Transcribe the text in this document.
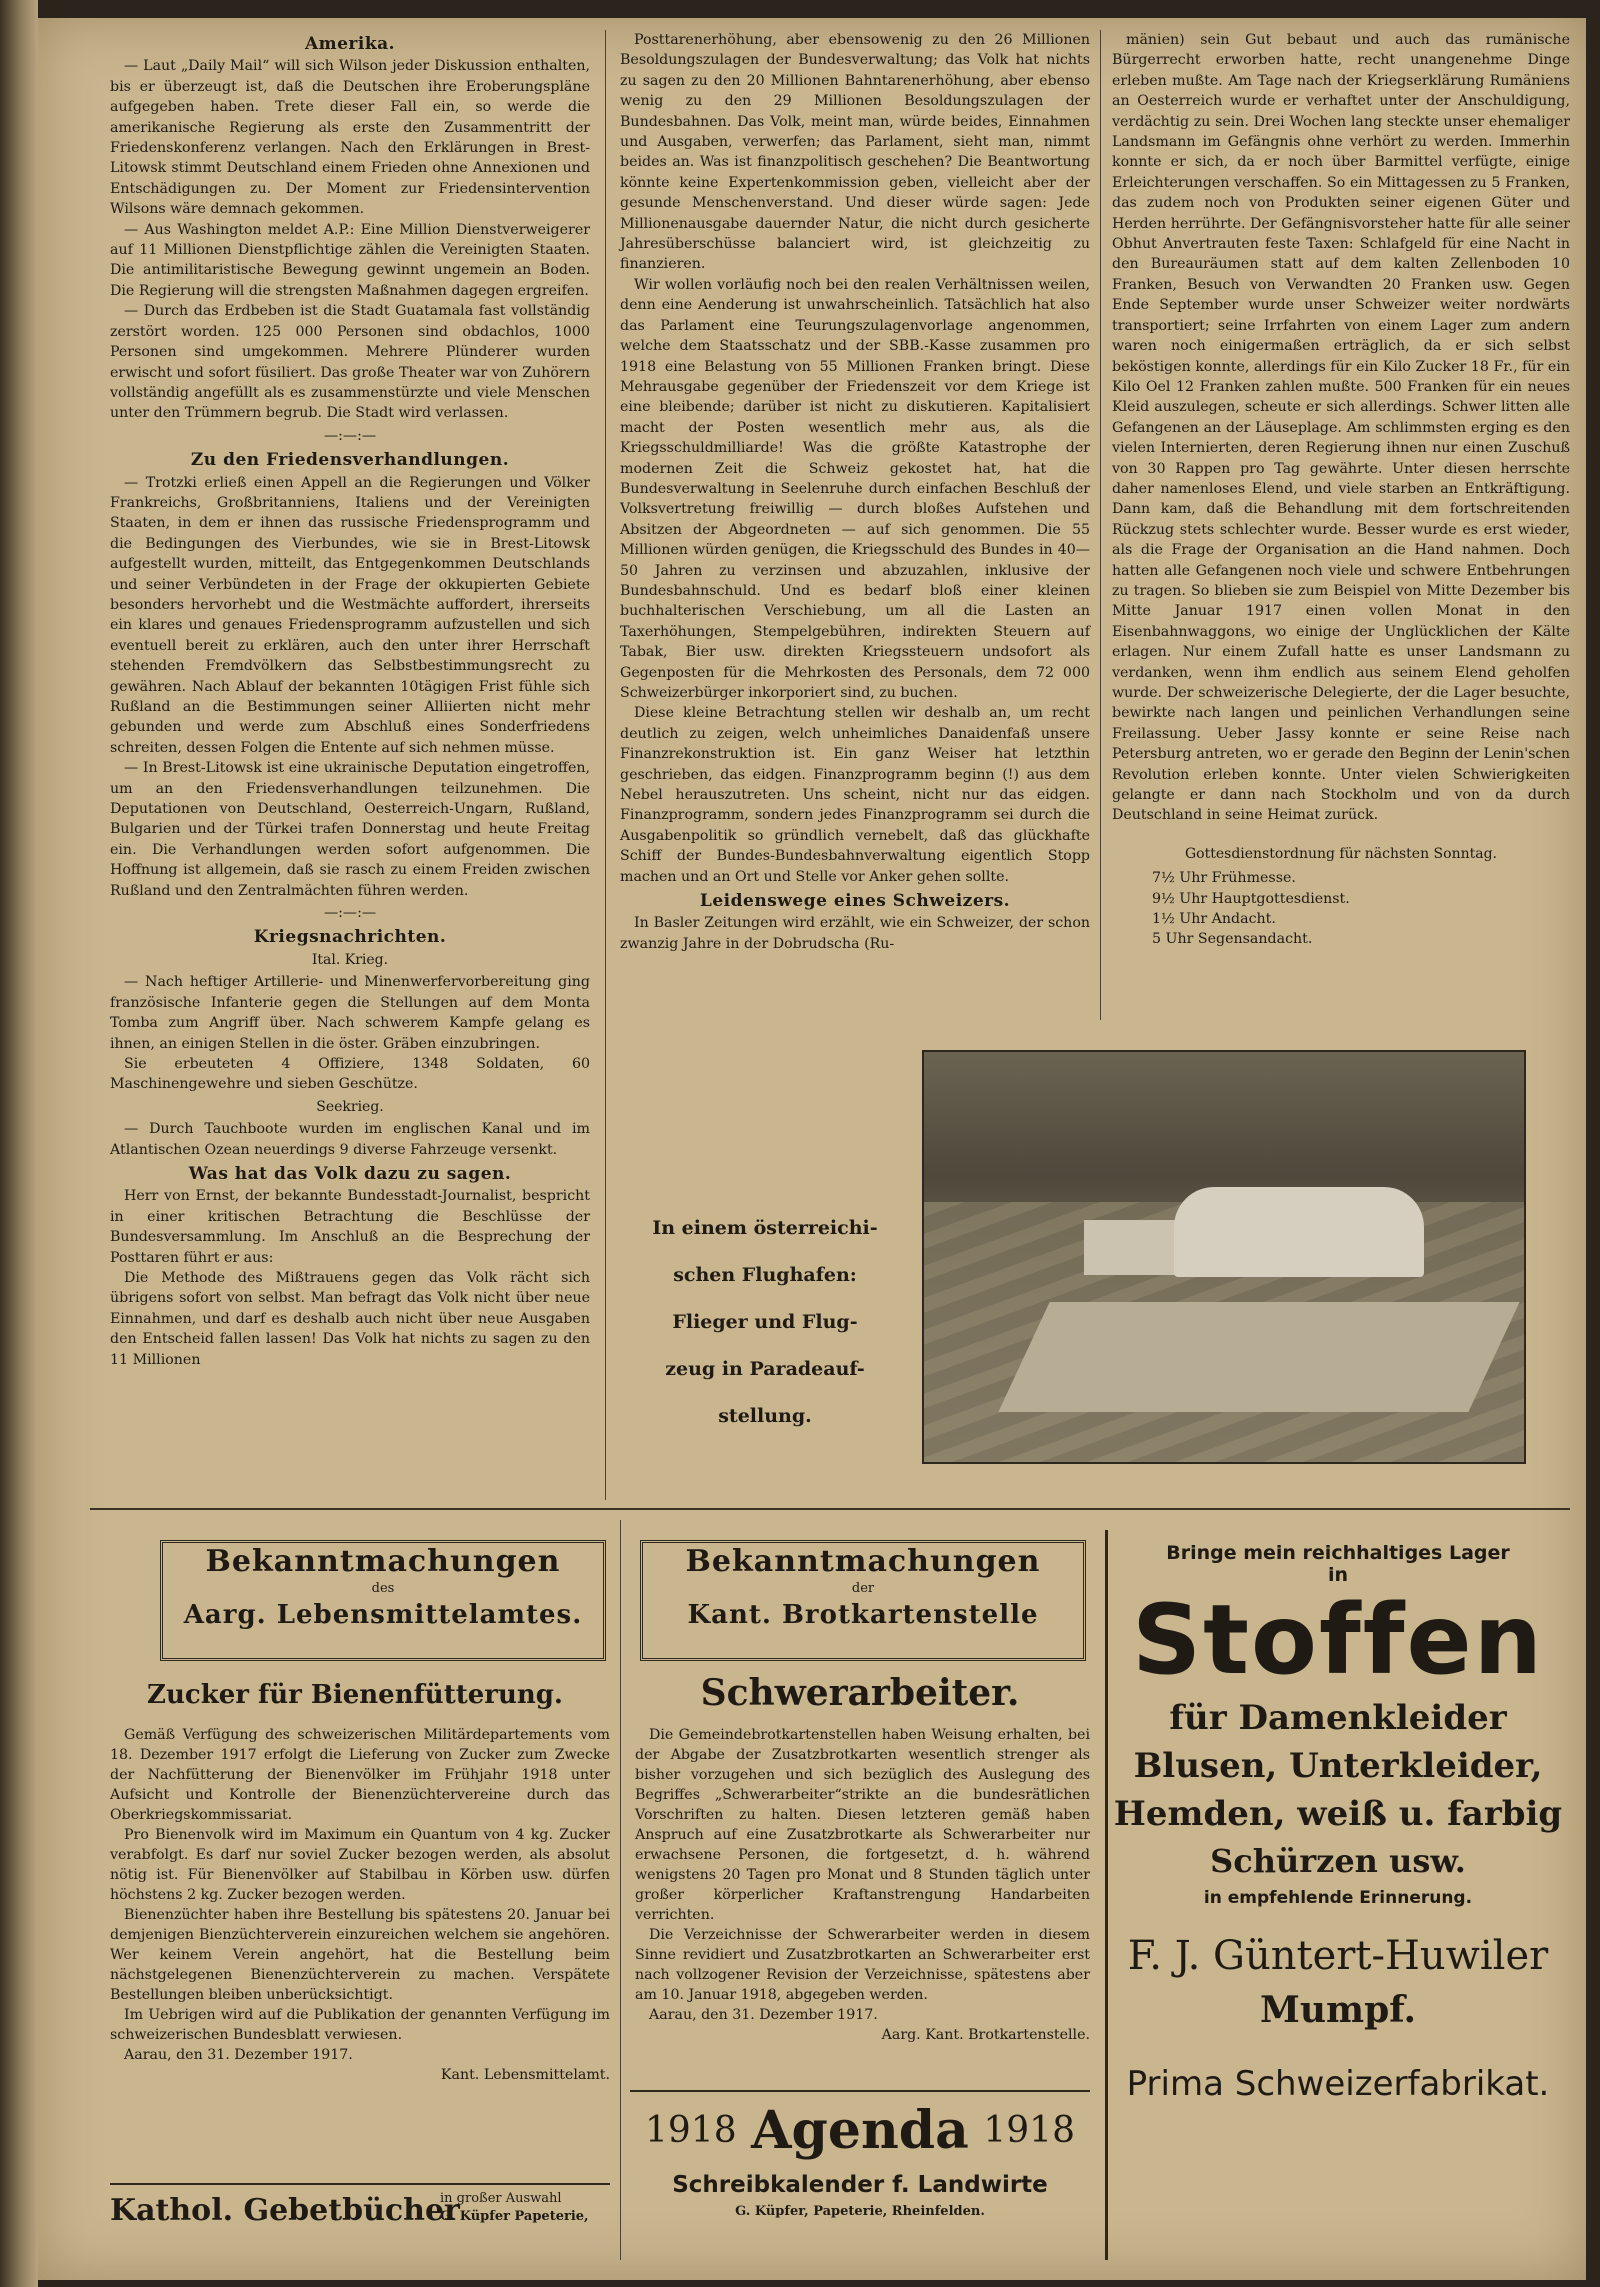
Amerika.

— Laut „Daily Mail“ will sich Wilson jeder Diskussion enthalten, bis er überzeugt ist, daß die Deutschen ihre Eroberungspläne aufgegeben haben. Trete dieser Fall ein, so werde die amerikanische Regierung als erste den Zusammentritt der Friedenskonferenz verlangen. Nach den Erklärungen in Brest-Litowsk stimmt Deutschland einem Frieden ohne Annexionen und Entschädigungen zu. Der Moment zur Friedensintervention Wilsons wäre demnach gekommen.

— Aus Washington meldet A.P.: Eine Million Dienstverweigerer auf 11 Millionen Dienstpflichtige zählen die Vereinigten Staaten. Die antimilitaristische Bewegung gewinnt ungemein an Boden. Die Regierung will die strengsten Maßnahmen dagegen ergreifen.

— Durch das Erdbeben ist die Stadt Guatamala fast vollständig zerstört worden. 125 000 Personen sind obdachlos, 1000 Personen sind umgekommen. Mehrere Plünderer wurden erwischt und sofort füsiliert. Das große Theater war von Zuhörern vollständig angefüllt als es zusammenstürzte und viele Menschen unter den Trümmern begrub. Die Stadt wird verlassen.

—:—:—
Zu den Friedensverhandlungen.

— Trotzki erließ einen Appell an die Regierungen und Völker Frankreichs, Großbritanniens, Italiens und der Vereinigten Staaten, in dem er ihnen das russische Friedensprogramm und die Bedingungen des Vierbundes, wie sie in Brest-Litowsk aufgestellt wurden, mitteilt, das Entgegenkommen Deutschlands und seiner Verbündeten in der Frage der okkupierten Gebiete besonders hervorhebt und die Westmächte auffordert, ihrerseits ein klares und genaues Friedensprogramm aufzustellen und sich eventuell bereit zu erklären, auch den unter ihrer Herrschaft stehenden Fremdvölkern das Selbstbestimmungsrecht zu gewähren. Nach Ablauf der bekannten 10tägigen Frist fühle sich Rußland an die Bestimmungen seiner Alliierten nicht mehr gebunden und werde zum Abschluß eines Sonderfriedens schreiten, dessen Folgen die Entente auf sich nehmen müsse.

— In Brest-Litowsk ist eine ukrainische Deputation eingetroffen, um an den Friedensverhandlungen teilzunehmen. Die Deputationen von Deutschland, Oesterreich-Ungarn, Rußland, Bulgarien und der Türkei trafen Donnerstag und heute Freitag ein. Die Verhandlungen werden sofort aufgenommen. Die Hoffnung ist allgemein, daß sie rasch zu einem Freiden zwischen Rußland und den Zentralmächten führen werden.

—:—:—
Kriegsnachrichten.
Ital. Krieg.

— Nach heftiger Artillerie- und Minenwerfervorbereitung ging französische Infanterie gegen die Stellungen auf dem Monta Tomba zum Angriff über. Nach schwerem Kampfe gelang es ihnen, an einigen Stellen in die öster. Gräben einzubringen.

Sie erbeuteten 4 Offiziere, 1348 Soldaten, 60 Maschinengewehre und sieben Geschütze.

Seekrieg.

— Durch Tauchboote wurden im englischen Kanal und im Atlantischen Ozean neuerdings 9 diverse Fahrzeuge versenkt.

Was hat das Volk dazu zu sagen.

Herr von Ernst, der bekannte Bundesstadt-Journalist, bespricht in einer kritischen Betrachtung die Beschlüsse der Bundesversammlung. Im Anschluß an die Besprechung der Posttaren führt er aus:

Die Methode des Mißtrauens gegen das Volk rächt sich übrigens sofort von selbst. Man befragt das Volk nicht über neue Einnahmen, und darf es deshalb auch nicht über neue Ausgaben den Entscheid fallen lassen! Das Volk hat nichts zu sagen zu den 11 Millionen

Posttarenerhöhung, aber ebensowenig zu den 26 Millionen Besoldungszulagen der Bundesverwaltung; das Volk hat nichts zu sagen zu den 20 Millionen Bahntarenerhöhung, aber ebenso wenig zu den 29 Millionen Besoldungszulagen der Bundesbahnen. Das Volk, meint man, würde beides, Einnahmen und Ausgaben, verwerfen; das Parlament, sieht man, nimmt beides an. Was ist finanzpolitisch geschehen? Die Beantwortung könnte keine Expertenkommission geben, vielleicht aber der gesunde Menschenverstand. Und dieser würde sagen: Jede Millionenausgabe dauernder Natur, die nicht durch gesicherte Jahresüberschüsse balanciert wird, ist gleichzeitig zu finanzieren.

Wir wollen vorläufig noch bei den realen Verhältnissen weilen, denn eine Aenderung ist unwahrscheinlich. Tatsächlich hat also das Parlament eine Teurungszulagenvorlage angenommen, welche dem Staatsschatz und der SBB.-Kasse zusammen pro 1918 eine Belastung von 55 Millionen Franken bringt. Diese Mehrausgabe gegenüber der Friedenszeit vor dem Kriege ist eine bleibende; darüber ist nicht zu diskutieren. Kapitalisiert macht der Posten wesentlich mehr aus, als die Kriegsschuldmilliarde! Was die größte Katastrophe der modernen Zeit die Schweiz gekostet hat, hat die Bundesverwaltung in Seelenruhe durch einfachen Beschluß der Volksvertretung freiwillig — durch bloßes Aufstehen und Absitzen der Abgeordneten — auf sich genommen. Die 55 Millionen würden genügen, die Kriegsschuld des Bundes in 40—50 Jahren zu verzinsen und abzuzahlen, inklusive der Bundesbahnschuld. Und es bedarf bloß einer kleinen buchhalterischen Verschiebung, um all die Lasten an Taxerhöhungen, Stempelgebühren, indirekten Steuern auf Tabak, Bier usw. direkten Kriegssteuern undsofort als Gegenposten für die Mehrkosten des Personals, dem 72 000 Schweizerbürger inkorporiert sind, zu buchen.

Diese kleine Betrachtung stellen wir deshalb an, um recht deutlich zu zeigen, welch unheimliches Danaidenfaß unsere Finanzrekonstruktion ist. Ein ganz Weiser hat letzthin geschrieben, das eidgen. Finanzprogramm beginn (!) aus dem Nebel herauszutreten. Uns scheint, nicht nur das eidgen. Finanzprogramm, sondern jedes Finanzprogramm sei durch die Ausgabenpolitik so gründlich vernebelt, daß das glückhafte Schiff der Bundes-Bundesbahnverwaltung eigentlich Stopp machen und an Ort und Stelle vor Anker gehen sollte.

Leidenswege eines Schweizers.

In Basler Zeitungen wird erzählt, wie ein Schweizer, der schon zwanzig Jahre in der Dobrudscha (Ru-

mänien) sein Gut bebaut und auch das rumänische Bürgerrecht erworben hatte, recht unangenehme Dinge erleben mußte. Am Tage nach der Kriegserklärung Rumäniens an Oesterreich wurde er verhaftet unter der Anschuldigung, verdächtig zu sein. Drei Wochen lang steckte unser ehemaliger Landsmann im Gefängnis ohne verhört zu werden. Immerhin konnte er sich, da er noch über Barmittel verfügte, einige Erleichterungen verschaffen. So ein Mittagessen zu 5 Franken, das zudem noch von Produkten seiner eigenen Güter und Herden herrührte. Der Gefängnisvorsteher hatte für alle seiner Obhut Anvertrauten feste Taxen: Schlafgeld für eine Nacht in den Bureauräumen statt auf dem kalten Zellenboden 10 Franken, Besuch von Verwandten 20 Franken usw. Gegen Ende September wurde unser Schweizer weiter nordwärts transportiert; seine Irrfahrten von einem Lager zum andern waren noch einigermaßen erträglich, da er sich selbst beköstigen konnte, allerdings für ein Kilo Zucker 18 Fr., für ein Kilo Oel 12 Franken zahlen mußte. 500 Franken für ein neues Kleid auszulegen, scheute er sich allerdings. Schwer litten alle Gefangenen an der Läuseplage. Am schlimmsten erging es den vielen Internierten, deren Regierung ihnen nur einen Zuschuß von 30 Rappen pro Tag gewährte. Unter diesen herrschte daher namenloses Elend, und viele starben an Entkräftigung. Dann kam, daß die Behandlung mit dem fortschreitenden Rückzug stets schlechter wurde. Besser wurde es erst wieder, als die Frage der Organisation an die Hand nahmen. Doch hatten alle Gefangenen noch viele und schwere Entbehrungen zu tragen. So blieben sie zum Beispiel von Mitte Dezember bis Mitte Januar 1917 einen vollen Monat in den Eisenbahnwaggons, wo einige der Unglücklichen der Kälte erlagen. Nur einem Zufall hatte es unser Landsmann zu verdanken, wenn ihm endlich aus seinem Elend geholfen wurde. Der schweizerische Delegierte, der die Lager besuchte, bewirkte nach langen und peinlichen Verhandlungen seine Freilassung. Ueber Jassy konnte er seine Reise nach Petersburg antreten, wo er gerade den Beginn der Lenin'schen Revolution erleben konnte. Unter vielen Schwierigkeiten gelangte er dann nach Stockholm und von da durch Deutschland in seine Heimat zurück.

Gottesdienstordnung für nächsten Sonntag.
7½ Uhr Frühmesse.
9½ Uhr Hauptgottesdienst.
1½ Uhr Andacht.
5 Uhr Segensandacht.
In einem österreichi-
schen Flughafen:
Flieger und Flug-
zeug in Paradeauf-
stellung.
Bekanntmachungen
des
Aarg. Lebensmittelamtes.
Zucker für Bienenfütterung.

Gemäß Verfügung des schweizerischen Militärdepartements vom 18. Dezember 1917 erfolgt die Lieferung von Zucker zum Zwecke der Nachfütterung der Bienenvölker im Frühjahr 1918 unter Aufsicht und Kontrolle der Bienenzüchtervereine durch das Oberkriegskommissariat.

Pro Bienenvolk wird im Maximum ein Quantum von 4 kg. Zucker verabfolgt. Es darf nur soviel Zucker bezogen werden, als absolut nötig ist. Für Bienenvölker auf Stabilbau in Körben usw. dürfen höchstens 2 kg. Zucker bezogen werden.

Bienenzüchter haben ihre Bestellung bis spätestens 20. Januar bei demjenigen Bienzüchterverein einzureichen welchem sie angehören. Wer keinem Verein angehört, hat die Bestellung beim nächstgelegenen Bienenzüchterverein zu machen. Verspätete Bestellungen bleiben unberücksichtigt.

Im Uebrigen wird auf die Publikation der genannten Verfügung im schweizerischen Bundesblatt verwiesen.

Aarau, den 31. Dezember 1917.

Kant. Lebensmittelamt.

Kathol. Gebetbücher
in großer Auswahl
G. Küpfer Papeterie,
Bekanntmachungen
der
Kant. Brotkartenstelle
Schwerarbeiter.

Die Gemeindebrotkartenstellen haben Weisung erhalten, bei der Abgabe der Zusatzbrotkarten wesentlich strenger als bisher vorzugehen und sich bezüglich des Auslegung des Begriffes „Schwerarbeiter“strikte an die bundesrätlichen Vorschriften zu halten. Diesen letzteren gemäß haben Anspruch auf eine Zusatzbrotkarte als Schwerarbeiter nur erwachsene Personen, die fortgesetzt, d. h. während wenigstens 20 Tagen pro Monat und 8 Stunden täglich unter großer körperlicher Kraftanstrengung Handarbeiten verrichten.

Die Verzeichnisse der Schwerarbeiter werden in diesem Sinne revidiert und Zusatzbrotkarten an Schwerarbeiter erst nach vollzogener Revision der Verzeichnisse, spätestens aber am 10. Januar 1918, abgegeben werden.

Aarau, den 31. Dezember 1917.

Aarg. Kant. Brotkartenstelle.

1918 Agenda 1918
Schreibkalender f. Landwirte
G. Küpfer, Papeterie, Rheinfelden.
Bringe mein reichhaltiges Lager
in
Stoffen
für Damenkleider
Blusen, Unterkleider,
Hemden, weiß u. farbig
Schürzen usw.
in empfehlende Erinnerung.
F. J. Güntert-Huwiler
Mumpf.
Prima Schweizerfabrikat.
